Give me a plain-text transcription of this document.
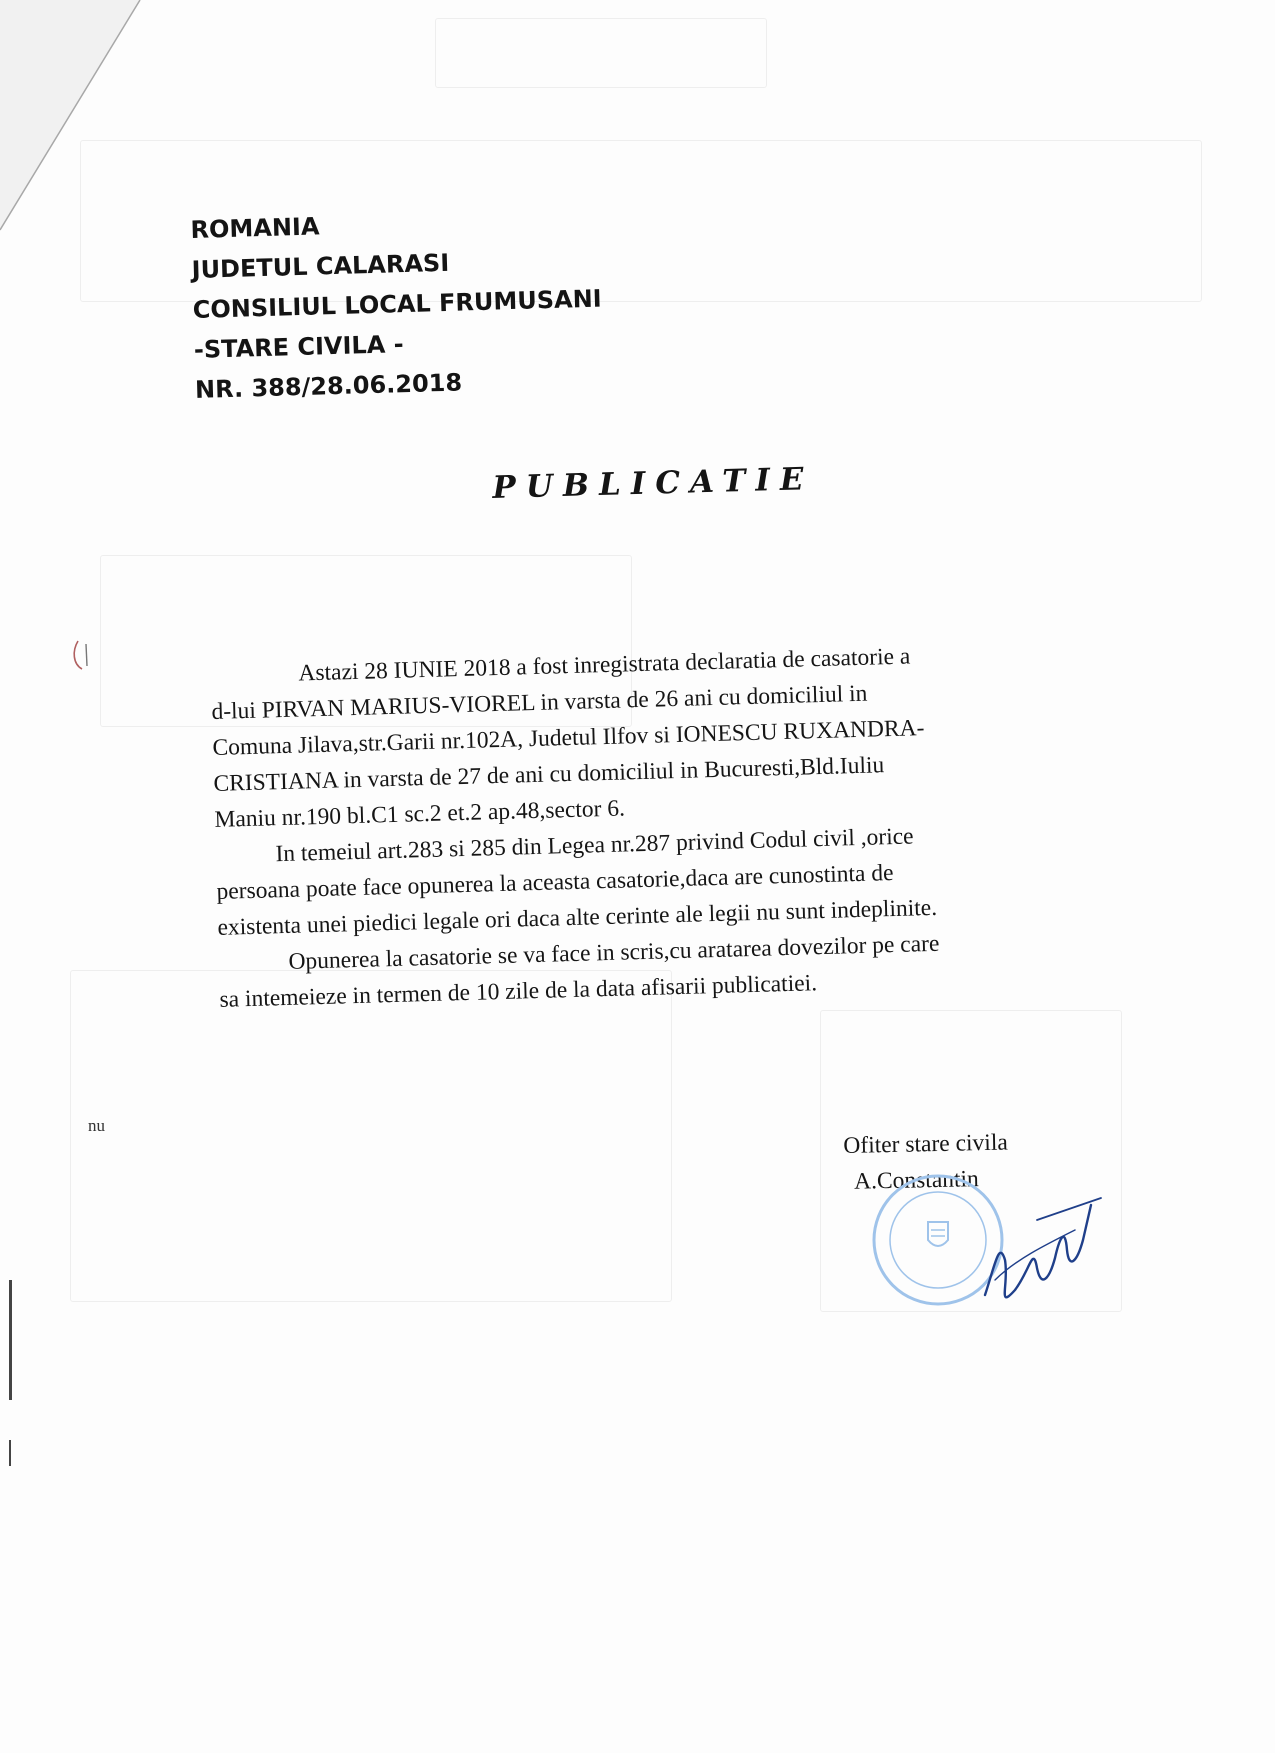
ROMANIA
JUDETUL CALARASI
CONSILIUL LOCAL FRUMUSANI
-STARE CIVILA -
NR. 388/28.06.2018
PUBLICATIE

Astazi 28 IUNIE 2018 a fost inregistrata declaratia de casatorie a

d-lui PIRVAN MARIUS-VIOREL in varsta de 26 ani cu domiciliul in

Comuna Jilava,str.Garii nr.102A, Judetul Ilfov si IONESCU RUXANDRA-

CRISTIANA in varsta de 27 de ani cu domiciliul in Bucuresti,Bld.Iuliu

Maniu nr.190 bl.C1 sc.2 et.2 ap.48,sector 6.

In temeiul art.283 si 285 din Legea nr.287 privind Codul civil ,orice

persoana poate face opunerea la aceasta casatorie,daca are cunostinta de

existenta unei piedici legale ori daca alte cerinte ale legii nu sunt indeplinite.

Opunerea la casatorie se va face in scris,cu aratarea dovezilor pe care

sa intemeieze in termen de 10 zile de la data afisarii publicatiei.

nu
Ofiter stare civila
A.Constantin
